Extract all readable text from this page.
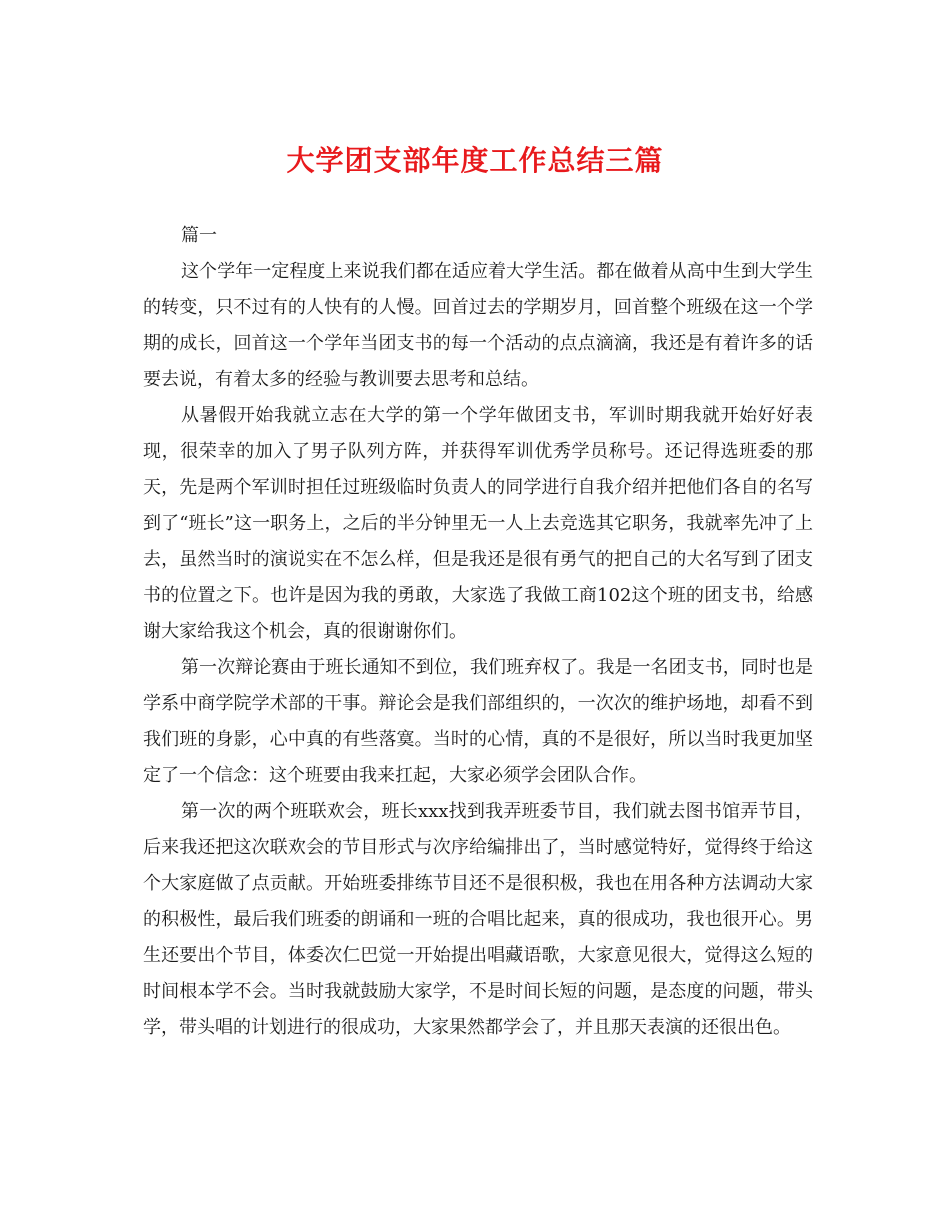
大学团支部年度工作总结三篇

篇一

这个学年一定程度上来说我们都在适应着大学生活。都在做着从高中生到大学生的转变，只不过有的人快有的人慢。回首过去的学期岁月，回首整个班级在这一个学期的成长，回首这一个学年当团支书的每一个活动的点点滴滴，我还是有着许多的话要去说，有着太多的经验与教训要去思考和总结。

从暑假开始我就立志在大学的第一个学年做团支书，军训时期我就开始好好表现，很荣幸的加入了男子队列方阵，并获得军训优秀学员称号。还记得选班委的那天，先是两个军训时担任过班级临时负责人的同学进行自我介绍并把他们各自的名写到了“班长”这一职务上，之后的半分钟里无一人上去竞选其它职务，我就率先冲了上去，虽然当时的演说实在不怎么样，但是我还是很有勇气的把自己的大名写到了团支书的位置之下。也许是因为我的勇敢，大家选了我做工商102这个班的团支书，给感谢大家给我这个机会，真的很谢谢你们。

第一次辩论赛由于班长通知不到位，我们班弃权了。我是一名团支书，同时也是学系中商学院学术部的干事。辩论会是我们部组织的，一次次的维护场地，却看不到我们班的身影，心中真的有些落寞。当时的心情，真的不是很好，所以当时我更加坚定了一个信念：这个班要由我来扛起，大家必须学会团队合作。

第一次的两个班联欢会，班长xxx找到我弄班委节目，我们就去图书馆弄节目，后来我还把这次联欢会的节目形式与次序给编排出了，当时感觉特好，觉得终于给这个大家庭做了点贡献。开始班委排练节目还不是很积极，我也在用各种方法调动大家的积极性，最后我们班委的朗诵和一班的合唱比起来，真的很成功，我也很开心。男生还要出个节目，体委次仁巴觉一开始提出唱藏语歌，大家意见很大，觉得这么短的时间根本学不会。当时我就鼓励大家学，不是时间长短的问题，是态度的问题，带头学，带头唱的计划进行的很成功，大家果然都学会了，并且那天表演的还很出色。
